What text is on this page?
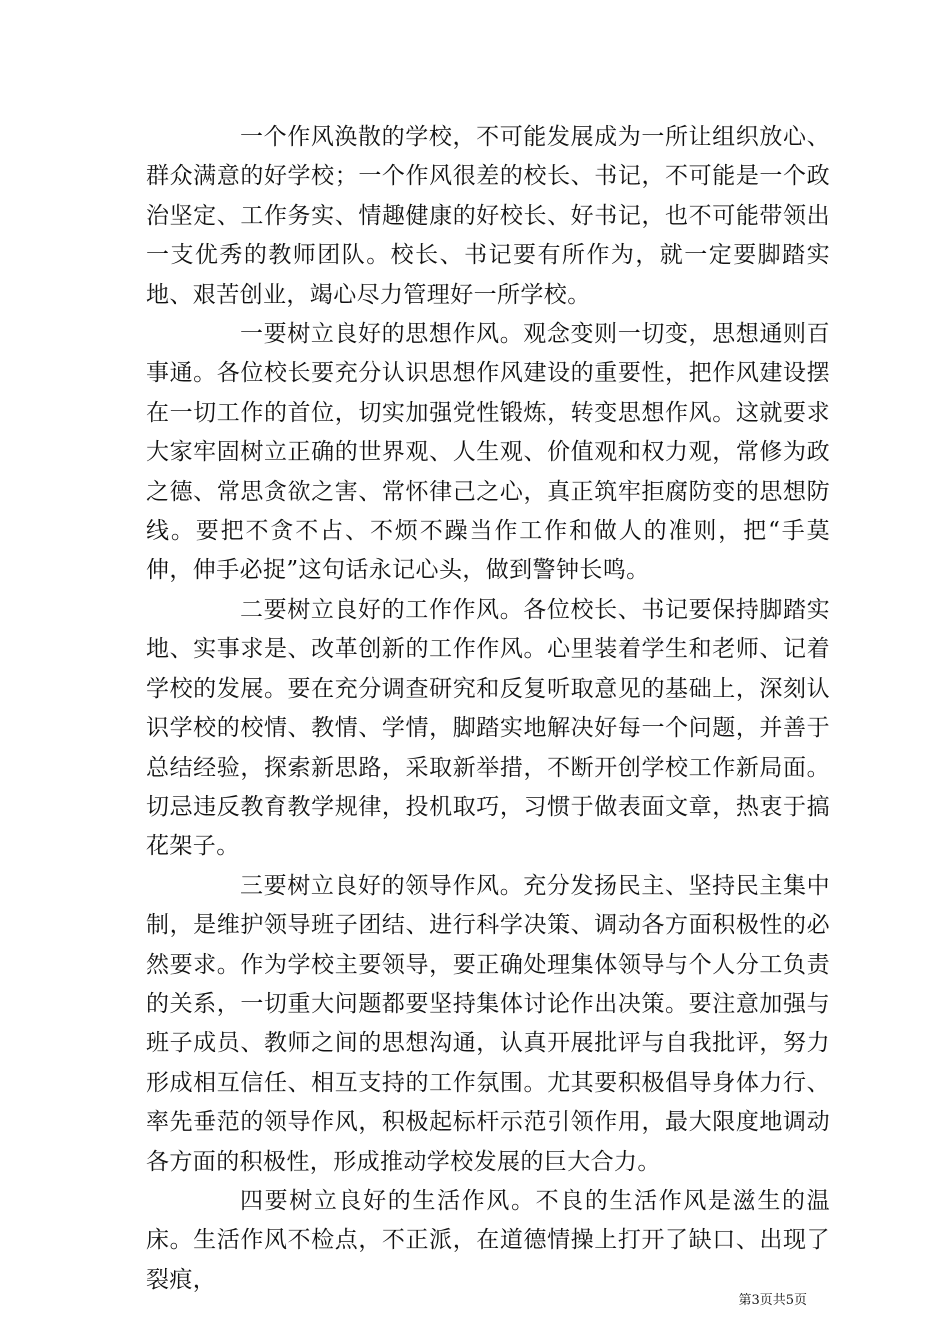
一个作风涣散的学校，不可能发展成为一所让组织放心、群众满意的好学校；一个作风很差的校长、书记，不可能是一个政治坚定、工作务实、情趣健康的好校长、好书记，也不可能带领出一支优秀的教师团队。校长、书记要有所作为，就一定要脚踏实地、艰苦创业，竭心尽力管理好一所学校。

一要树立良好的思想作风。观念变则一切变，思想通则百事通。各位校长要充分认识思想作风建设的重要性，把作风建设摆在一切工作的首位，切实加强党性锻炼，转变思想作风。这就要求大家牢固树立正确的世界观、人生观、价值观和权力观，常修为政之德、常思贪欲之害、常怀律己之心，真正筑牢拒腐防变的思想防线。要把不贪不占、不烦不躁当作工作和做人的准则，把“手莫伸，伸手必捉”这句话永记心头，做到警钟长鸣。

二要树立良好的工作作风。各位校长、书记要保持脚踏实地、实事求是、改革创新的工作作风。心里装着学生和老师、记着学校的发展。要在充分调查研究和反复听取意见的基础上，深刻认识学校的校情、教情、学情，脚踏实地解决好每一个问题，并善于总结经验，探索新思路，采取新举措，不断开创学校工作新局面。切忌违反教育教学规律，投机取巧，习惯于做表面文章，热衷于搞花架子。

三要树立良好的领导作风。充分发扬民主、坚持民主集中制，是维护领导班子团结、进行科学决策、调动各方面积极性的必然要求。作为学校主要领导，要正确处理集体领导与个人分工负责的关系，一切重大问题都要坚持集体讨论作出决策。要注意加强与班子成员、教师之间的思想沟通，认真开展批评与自我批评，努力形成相互信任、相互支持的工作氛围。尤其要积极倡导身体力行、率先垂范的领导作风，积极起标杆示范引领作用，最大限度地调动各方面的积极性，形成推动学校发展的巨大合力。

四要树立良好的生活作风。不良的生活作风是滋生的温床。生活作风不检点，不正派，在道德情操上打开了缺口、出现了裂痕，

第3页共5页
